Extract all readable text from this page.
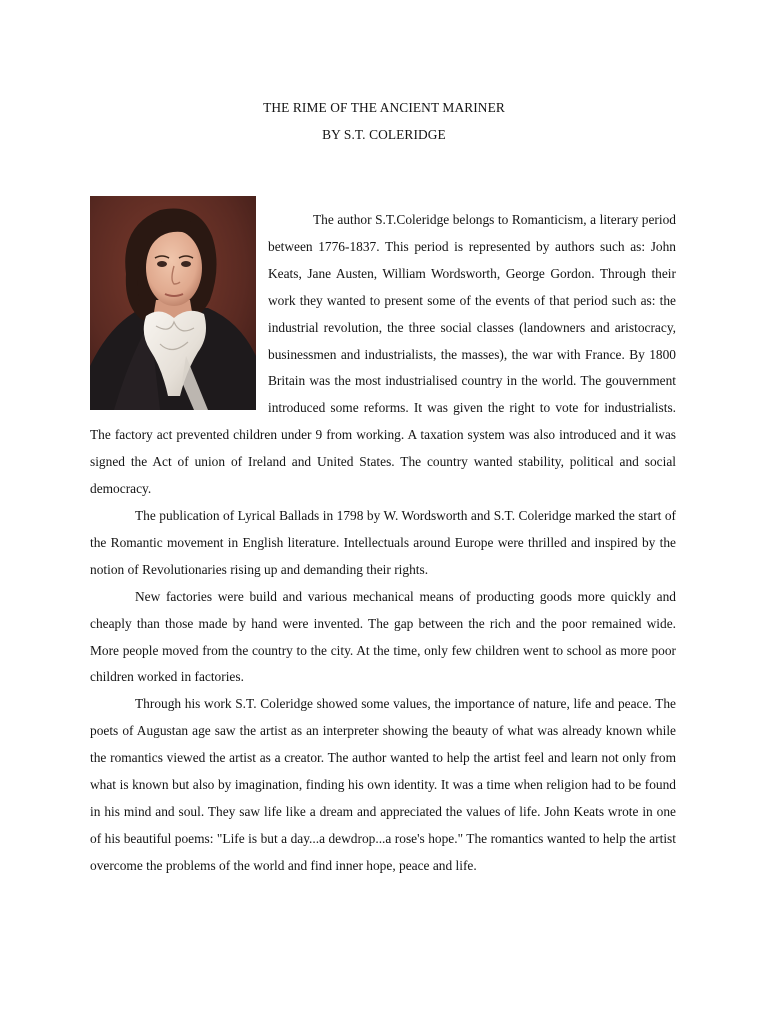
THE RIME OF THE ANCIENT MARINER
BY S.T. COLERIDGE

The author S.T.Coleridge belongs to Romanticism, a literary period between 1776-1837. This period is represented by authors such as: John Keats, Jane Austen, William Wordsworth, George Gordon. Through their work they wanted to present some of the events of that period such as: the industrial revolution, the three social classes (landowners and aristocracy, businessmen and industrialists, the masses), the war with France. By 1800 Britain was the most industrialised country in the world. The gouvernment introduced some reforms. It was given the right to vote for industrialists. The factory act prevented children under 9 from working. A taxation system was also introduced and it was signed the Act of union of Ireland and United States. The country wanted stability, political and social democracy.

The publication of Lyrical Ballads in 1798 by W. Wordsworth and S.T. Coleridge marked the start of the Romantic movement in English literature. Intellectuals around Europe were thrilled and inspired by the notion of Revolutionaries rising up and demanding their rights.

New factories were build and various mechanical means of producting goods more quickly and cheaply than those made by hand were invented. The gap between the rich and the poor remained wide. More people moved from the country to the city. At the time, only few children went to school as more poor children worked in factories.

Through his work S.T. Coleridge showed some values, the importance of nature, life and peace. The poets of Augustan age saw the artist as an interpreter showing the beauty of what was already known while the romantics viewed the artist as a creator. The author wanted to help the artist feel and learn not only from what is known but also by imagination, finding his own identity. It was a time when religion had to be found in his mind and soul. They saw life like a dream and appreciated the values of life. John Keats wrote in one of his beautiful poems: "Life is but a day...a dewdrop...a rose's hope." The romantics wanted to help the artist overcome the problems of the world and find inner hope, peace and life.
